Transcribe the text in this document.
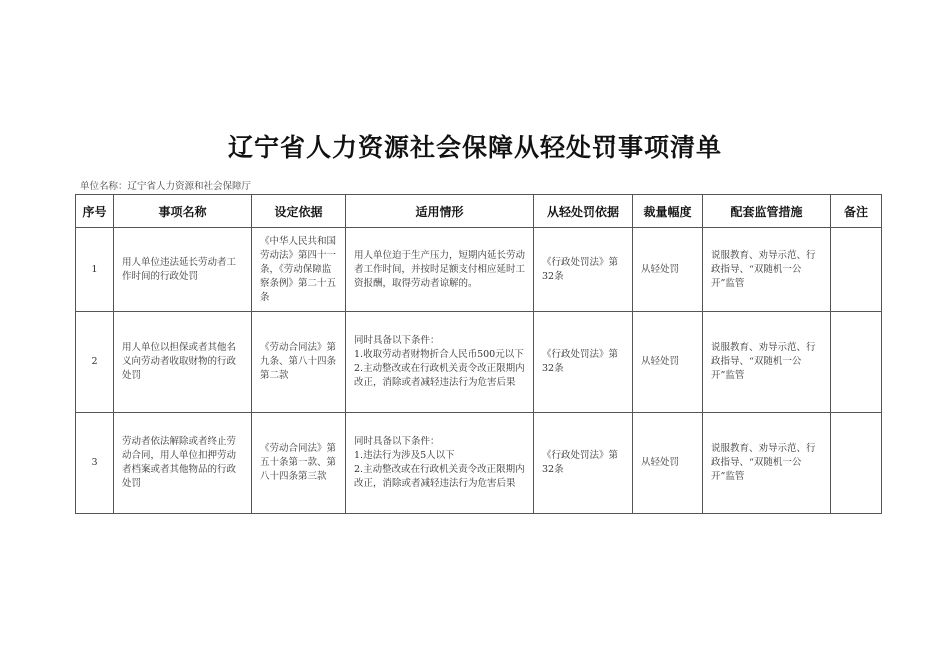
辽宁省人力资源社会保障从轻处罚事项清单
单位名称：辽宁省人力资源和社会保障厅
序号	事项名称	设定依据	适用情形	从轻处罚依据	裁量幅度	配套监管措施	备注
1	用人单位违法延长劳动者工作时间的行政处罚	《中华人民共和国劳动法》第四十一条，《劳动保障监察条例》第二十五条	用人单位迫于生产压力，短期内延长劳动者工作时间，并按时足额支付相应延时工资报酬，取得劳动者谅解的。	《行政处罚法》第32条	从轻处罚	说服教育、劝导示范、行政指导、“双随机一公开”监管	
2	用人单位以担保或者其他名义向劳动者收取财物的行政处罚	《劳动合同法》第九条、第八十四条第二款	同时具备以下条件：
1.收取劳动者财物折合人民币500元以下
2.主动整改或在行政机关责令改正限期内改正，消除或者减轻违法行为危害后果	《行政处罚法》第32条	从轻处罚	说服教育、劝导示范、行政指导、“双随机一公开”监管	
3	劳动者依法解除或者终止劳动合同，用人单位扣押劳动者档案或者其他物品的行政处罚	《劳动合同法》第五十条第一款、第八十四条第三款	同时具备以下条件：
1.违法行为涉及5人以下
2.主动整改或在行政机关责令改正限期内改正，消除或者减轻违法行为危害后果	《行政处罚法》第32条	从轻处罚	说服教育、劝导示范、行政指导、“双随机一公开”监管	
